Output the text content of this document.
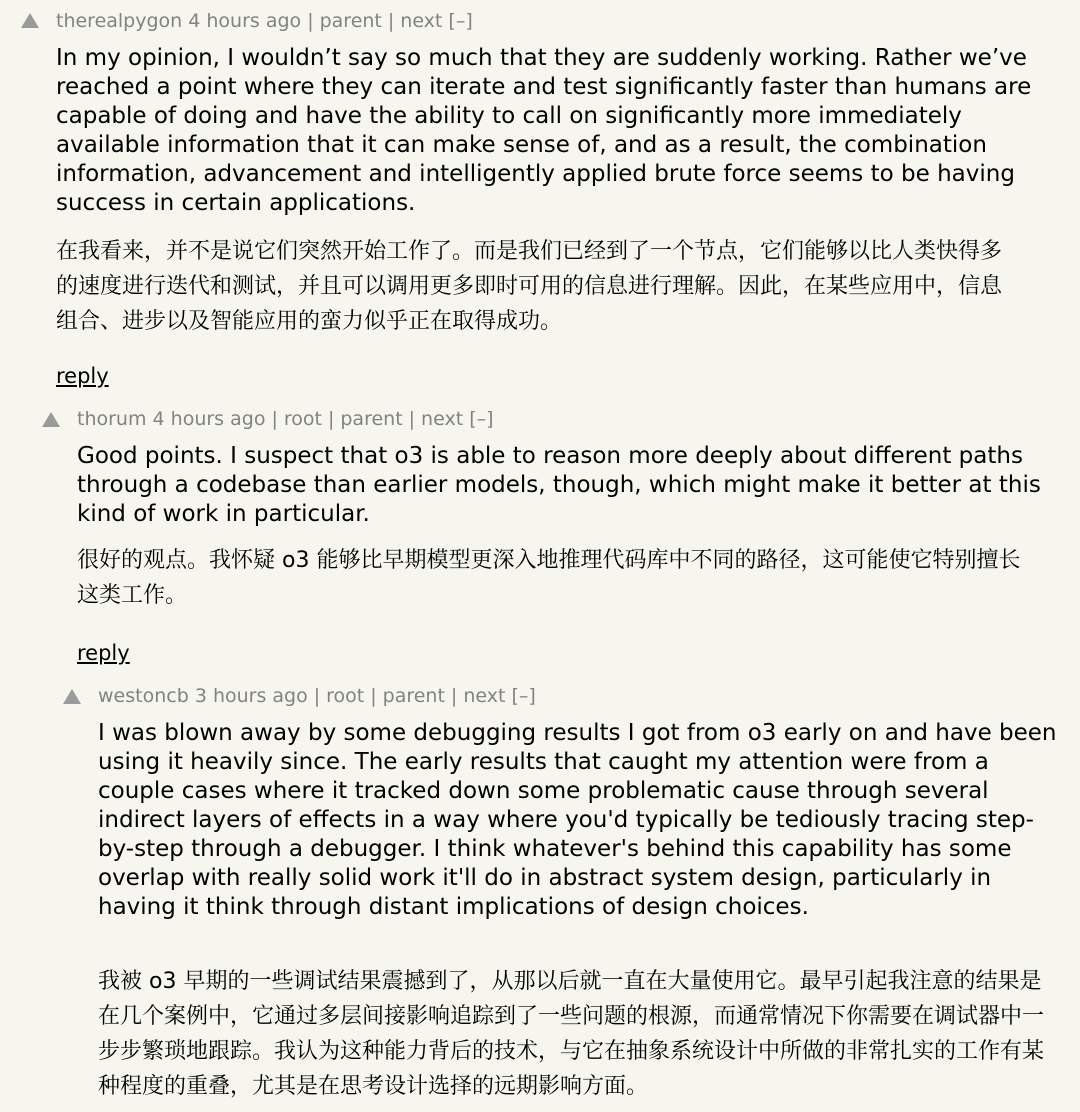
therealpygon 4 hours ago | parent | next [–]
In my opinion, I wouldn’t say so much that they are suddenly working. Rather we’ve reached a point where they can iterate and test significantly faster than humans are capable of doing and have the ability to call on significantly more immediately available information that it can make sense of, and as a result, the combination information, advancement and intelligently applied brute force seems to be having success in certain applications.
在我看来，并不是说它们突然开始工作了。而是我们已经到了一个节点，它们能够以比人类快得多的速度进行迭代和测试，并且可以调用更多即时可用的信息进行理解。因此，在某些应用中，信息组合、进步以及智能应用的蛮力似乎正在取得成功。
reply
thorum 4 hours ago | root | parent | next [–]
Good points. I suspect that o3 is able to reason more deeply about different paths through a codebase than earlier models, though, which might make it better at this kind of work in particular.
很好的观点。我怀疑 o3 能够比早期模型更深入地推理代码库中不同的路径，这可能使它特别擅长这类工作。
reply
westoncb 3 hours ago | root | parent | next [–]
I was blown away by some debugging results I got from o3 early on and have been using it heavily since. The early results that caught my attention were from a couple cases where it tracked down some problematic cause through several indirect layers of effects in a way where you'd typically be tediously tracing step-by-step through a debugger. I think whatever's behind this capability has some overlap with really solid work it'll do in abstract system design, particularly in having it think through distant implications of design choices.
我被 o3 早期的一些调试结果震撼到了，从那以后就一直在大量使用它。最早引起我注意的结果是在几个案例中，它通过多层间接影响追踪到了一些问题的根源，而通常情况下你需要在调试器中一步步繁琐地跟踪。我认为这种能力背后的技术，与它在抽象系统设计中所做的非常扎实的工作有某种程度的重叠，尤其是在思考设计选择的远期影响方面。
